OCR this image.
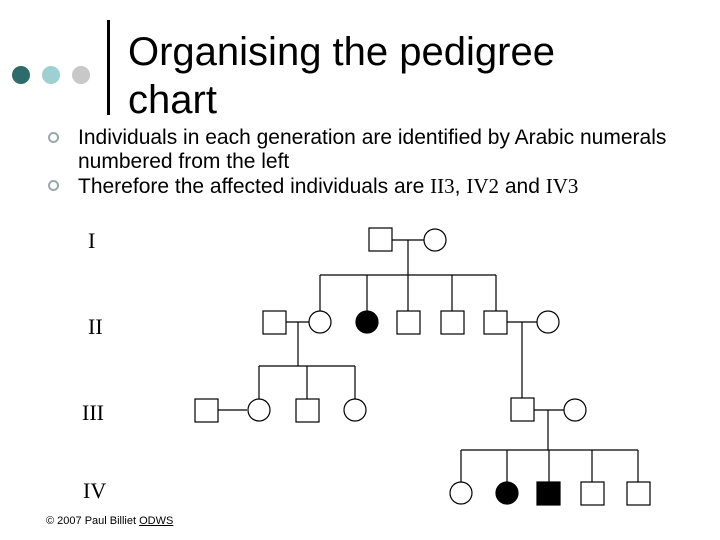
Organising the pedigree
chart
Individuals in each generation are identified by Arabic numerals numbered from the left
Therefore the affected individuals are II3, IV2 and IV3
I
II
III
IV
© 2007 Paul Billiet ODWS
